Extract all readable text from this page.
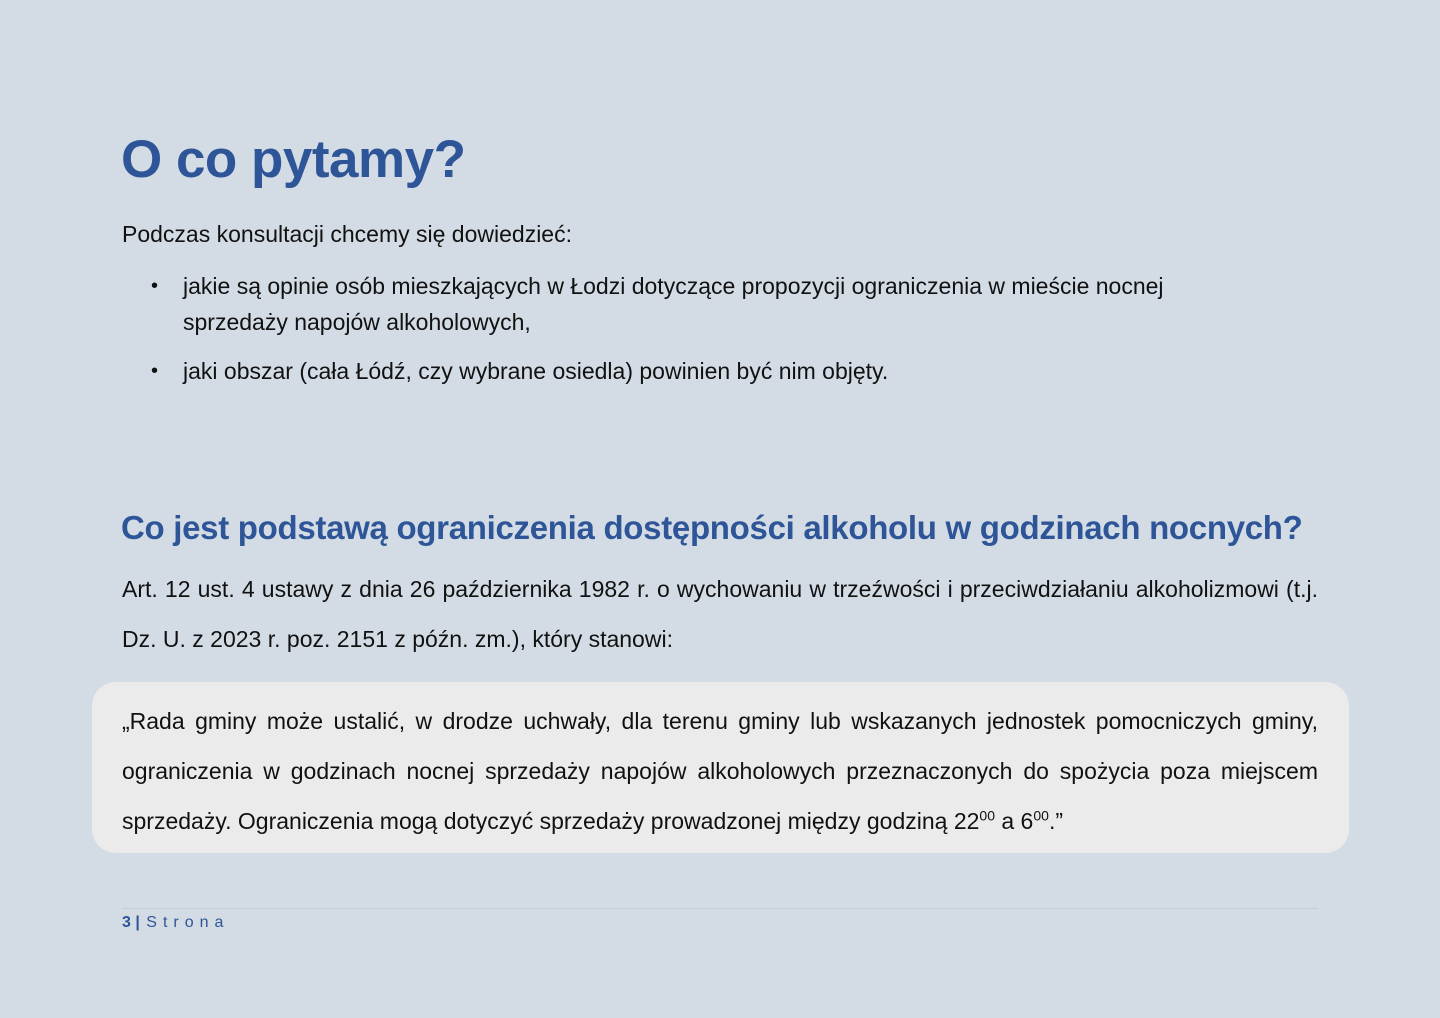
O co pytamy?

Podczas konsultacji chcemy się dowiedzieć:

• jakie są opinie osób mieszkających w Łodzi dotyczące propozycji ograniczenia w mieście nocnej sprzedaży napojów alkoholowych,
• jaki obszar (cała Łódź, czy wybrane osiedla) powinien być nim objęty.
Co jest podstawą ograniczenia dostępności alkoholu w godzinach nocnych?

Art. 12 ust. 4 ustawy z dnia 26 października 1982 r. o wychowaniu w trzeźwości i przeciwdziałaniu alkoholizmowi (t.j. Dz. U. z 2023 r. poz. 2151 z późn. zm.), który stanowi:

„Rada gminy może ustalić, w drodze uchwały, dla terenu gminy lub wskazanych jednostek pomocniczych gminy, ograniczenia w godzinach nocnej sprzedaży napojów alkoholowych przeznaczonych do spożycia poza miejscem sprzedaży. Ograniczenia mogą dotyczyć sprzedaży prowadzonej między godziną $22^{00}$ a $6^{00}$.”

3 | Strona
